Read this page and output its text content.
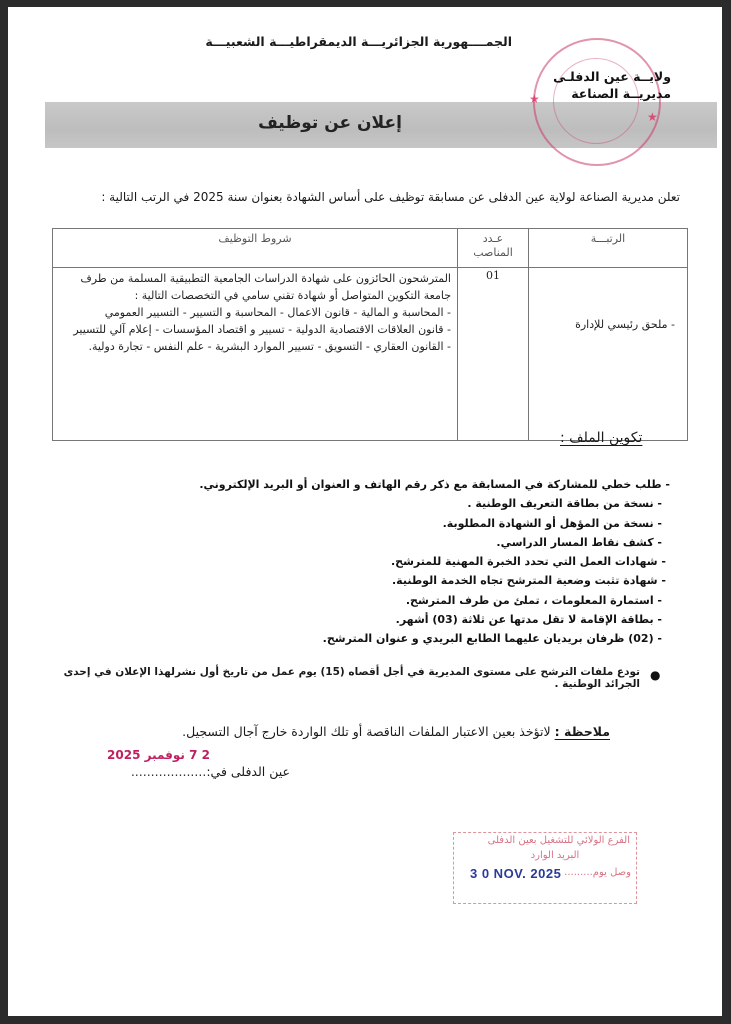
الجمــــهورية الجزائريـــة الديمقراطيـــة الشعبيـــة
إعلان عن توظيف
★
★
ولايــة عين الدفلـى
مديريــة الصناعة
تعلن مديرية الصناعة لولاية عين الدفلى عن مسابقة توظيف على أساس الشهادة بعنوان سنة 2025 في الرتب التالية :
الرتبـــة	عـدد المناصب	شروط التوظيف
- ملحق رئيسي للإدارة	01	المترشحون الحائزون على شهادة الدراسات الجامعية التطبيقية المسلمة من طرف
جامعة التكوين المتواصل أو شهادة تقني سامي في التخصصات التالية :
- المحاسبة و المالية - قانون الاعمال - المحاسبة و التسيير - التسيير العمومي
- قانون العلاقات الاقتصادية الدولية - تسيير و اقتصاد المؤسسات - إعلام آلي للتسيير
- القانون العقاري - التسويق - تسيير الموارد البشرية - علم النفس - تجارة دولية.
تكوين الملف :
- طلب خطي للمشاركة في المسابقة مع ذكر رقم الهاتف و العنوان أو البريد الإلكتروني.
- نسخة من بطاقة التعريف الوطنية .
- نسخة من المؤهل أو الشهادة المطلوبة.
- كشف نقاط المسار الدراسي.
- شهادات العمل التي تحدد الخبرة المهنية للمترشح.
- شهادة تثبت وضعية المترشح تجاه الخدمة الوطنية.
- استمارة المعلومات ، تملئ من طرف المترشح.
- بطاقة الإقامة لا تقل مدتها عن ثلاثة (03) أشهر.
- (02) ظرفان بريديان عليهما الطابع البريدي و عنوان المترشح.
●
تودع ملفات الترشح على مستوى المديرية في أجل أقصاه (15) يوم عمل من تاريخ أول نشرلهذا الإعلان في إحدى الجرائد الوطنية .
ملاحظة : لاتؤخذ بعين الاعتبار الملفات الناقصة أو تلك الواردة خارج آجال التسجيل.
2 7 نوفمبر 2025
عين الدفلى في:...................
الفرع الولائي للتشغيل بعين الدفلى
البريد الوارد
وصل يوم.........
3 0 NOV. 2025
